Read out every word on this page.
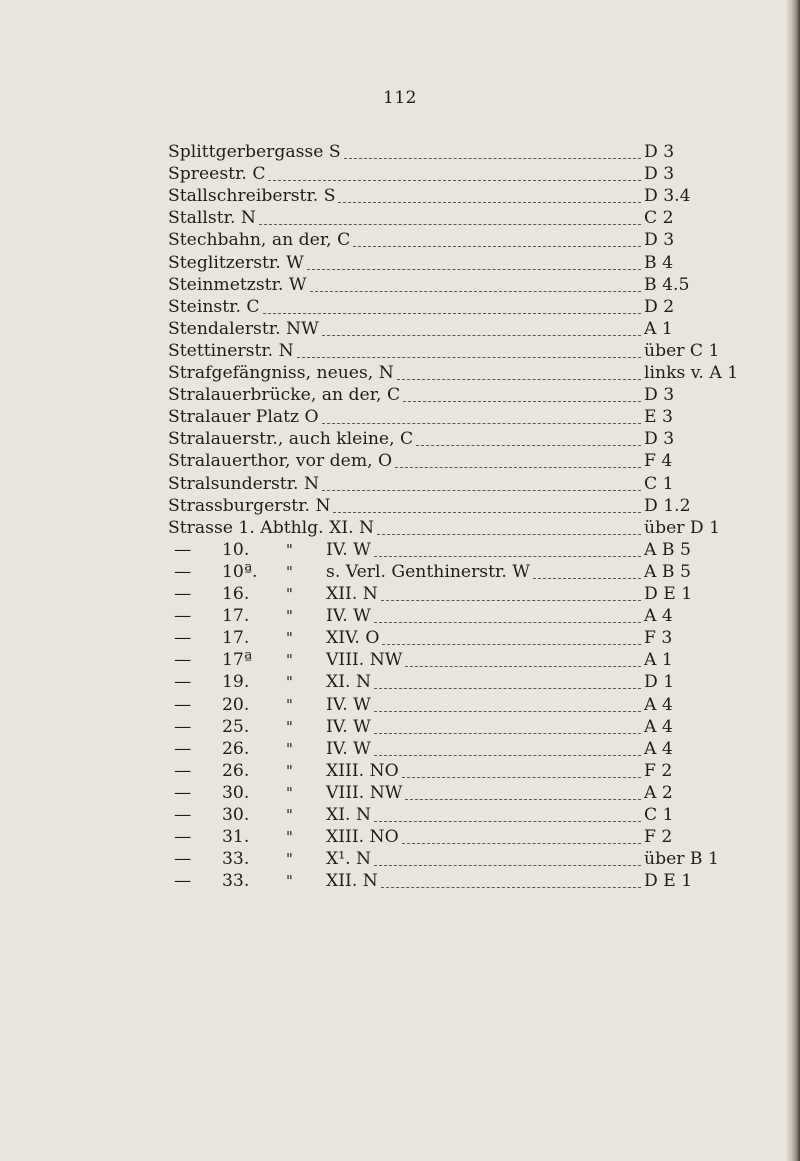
112
Splittgerbergasse S	D 3
Spreestr. C	D 3
Stallschreiberstr. S	D 3.4
Stallstr. N	C 2
Stechbahn, an der, C	D 3
Steglitzerstr. W	B 4
Steinmetzstr. W	B 4.5
Steinstr. C	D 2
Stendalerstr. NW	A 1
Stettinerstr. N	über C 1
Strafgefängniss, neues, N	links v. A 1
Stralauerbrücke, an der, C	D 3
Stralauer Platz O	E 3
Stralauerstr., auch kleine, C	D 3
Stralauerthor, vor dem, O	F 4
Stralsunderstr. N	C 1
Strassburgerstr. N	D 1.2
Strasse 1. Abthlg. XI. N	über D 1
— 10. " IV. W	A B 5
— 10ª. " s. Verl. Genthinerstr. W	A B 5
— 16. " XII. N	D E 1
— 17. " IV. W	A 4
— 17. " XIV. O	F 3
— 17ª " VIII. NW	A 1
— 19. " XI. N	D 1
— 20. " IV. W	A 4
— 25. " IV. W	A 4
— 26. " IV. W	A 4
— 26. " XIII. NO	F 2
— 30. " VIII. NW	A 2
— 30. " XI. N	C 1
— 31. " XIII. NO	F 2
— 33. " X¹. N	über B 1
— 33. " XII. N	D E 1
